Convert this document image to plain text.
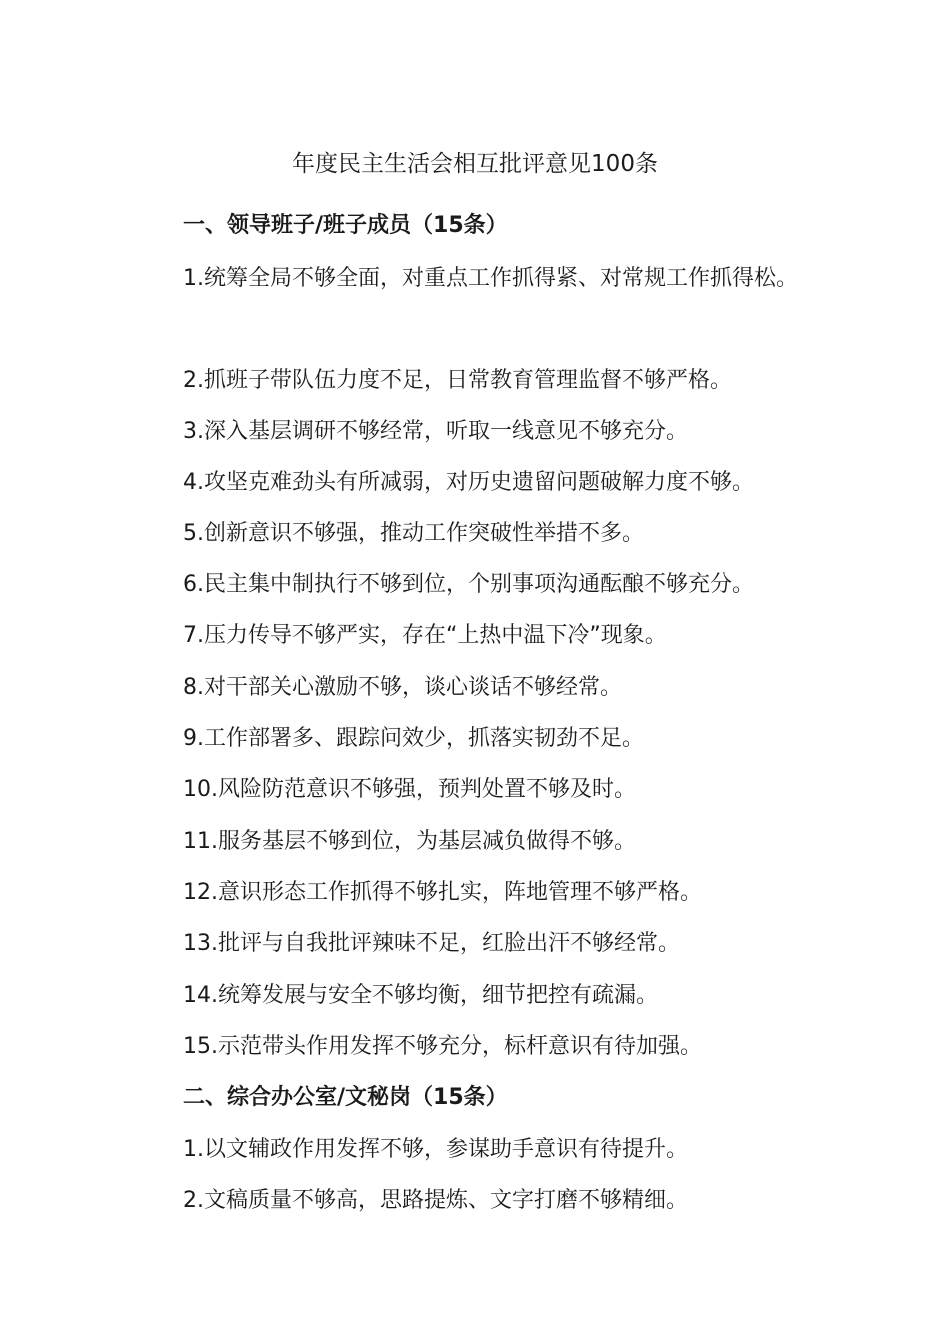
年度民主生活会相互批评意见100条
一、领导班子/班子成员（15条）
1.统筹全局不够全面，对重点工作抓得紧、对常规工作抓得松。
2.抓班子带队伍力度不足，日常教育管理监督不够严格。
3.深入基层调研不够经常，听取一线意见不够充分。
4.攻坚克难劲头有所减弱，对历史遗留问题破解力度不够。
5.创新意识不够强，推动工作突破性举措不多。
6.民主集中制执行不够到位，个别事项沟通酝酿不够充分。
7.压力传导不够严实，存在“上热中温下冷”现象。
8.对干部关心激励不够，谈心谈话不够经常。
9.工作部署多、跟踪问效少，抓落实韧劲不足。
10.风险防范意识不够强，预判处置不够及时。
11.服务基层不够到位，为基层减负做得不够。
12.意识形态工作抓得不够扎实，阵地管理不够严格。
13.批评与自我批评辣味不足，红脸出汗不够经常。
14.统筹发展与安全不够均衡，细节把控有疏漏。
15.示范带头作用发挥不够充分，标杆意识有待加强。
二、综合办公室/文秘岗（15条）
1.以文辅政作用发挥不够，参谋助手意识有待提升。
2.文稿质量不够高，思路提炼、文字打磨不够精细。
